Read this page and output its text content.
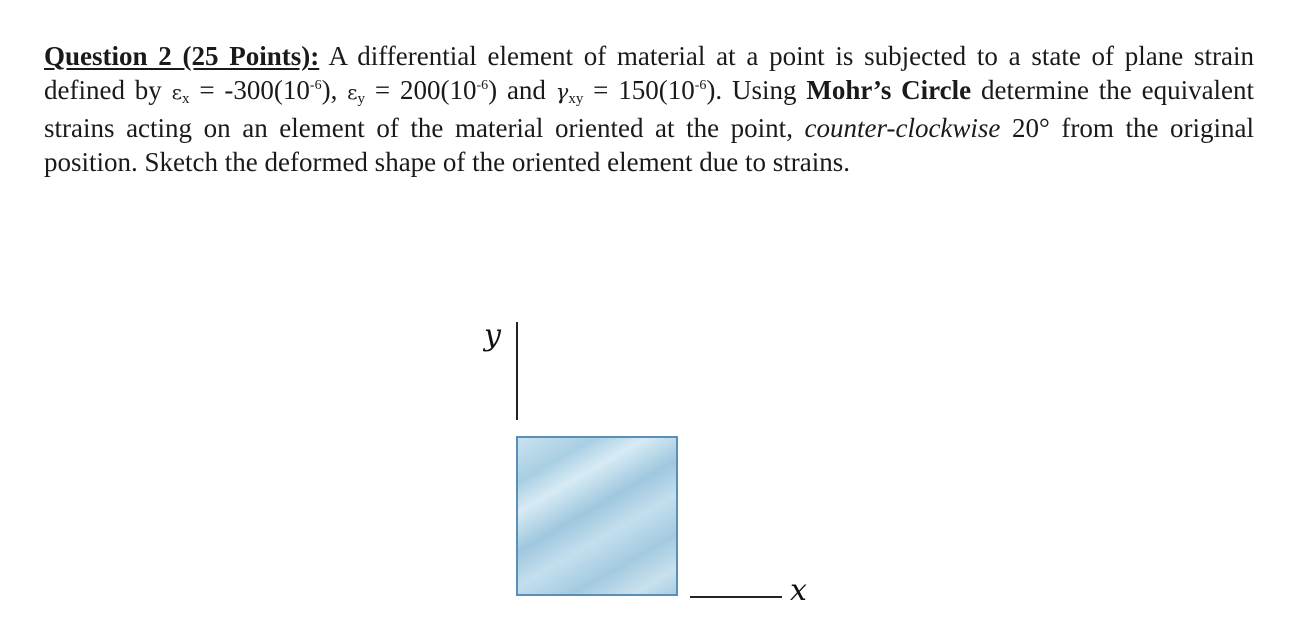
Question 2 (25 Points): A differential element of material at a point is subjected to a state of plane strain defined by $\varepsilon x = -300(10^{-6})$, $\varepsilon y = 200(10^{-6})$ and $\gamma xy = 150(10^{-6})$. Using Mohr’s Circle determine the equivalent strains acting on an element of the material oriented at the point, counter-clockwise 20° from the original position. Sketch the deformed shape of the oriented element due to strains.
y
x
